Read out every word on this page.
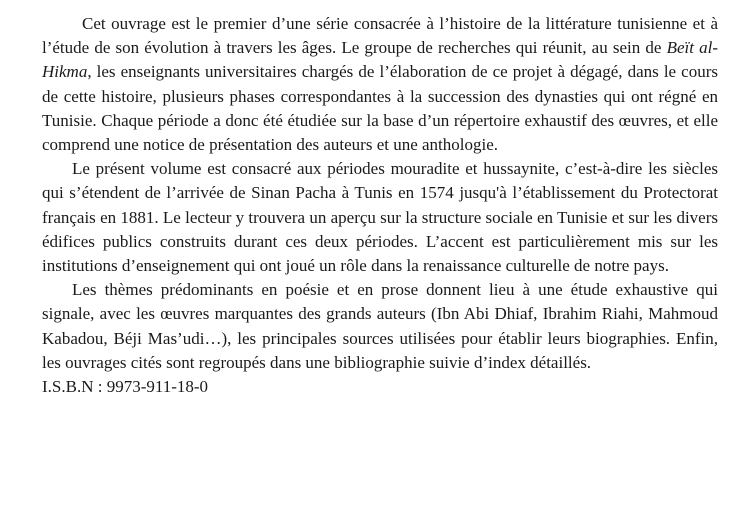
Cet ouvrage est le premier d’une série consacrée à l’histoire de la littérature tunisienne et à l’étude de son évolution à travers les âges. Le groupe de recherches qui réunit, au sein de Beït al-Hikma, les enseignants universitaires chargés de l’élaboration de ce projet à dégagé, dans le cours de cette histoire, plusieurs phases correspondantes à la succession des dynasties qui ont régné en Tunisie. Chaque période a donc été étudiée sur la base d’un répertoire exhaustif des œuvres, et elle comprend une notice de présentation des auteurs et une anthologie.

Le présent volume est consacré aux périodes mouradite et hussaynite, c’est-à-dire les siècles qui s’étendent de l’arrivée de Sinan Pacha à Tunis en 1574 jusqu'à l’établissement du Protectorat français en 1881. Le lecteur y trouvera un aperçu sur la structure sociale en Tunisie et sur les divers édifices publics construits durant ces deux périodes. L’accent est particulièrement mis sur les institutions d’enseignement qui ont joué un rôle dans la renaissance culturelle de notre pays.

Les thèmes prédominants en poésie et en prose donnent lieu à une étude exhaustive qui signale, avec les œuvres marquantes des grands auteurs (Ibn Abi Dhiaf, Ibrahim Riahi, Mahmoud Kabadou, Béji Mas’udi…), les principales sources utilisées pour établir leurs biographies. Enfin, les ouvrages cités sont regroupés dans une bibliographie suivie d’index détaillés.

I.S.B.N : 9973-911-18-0
